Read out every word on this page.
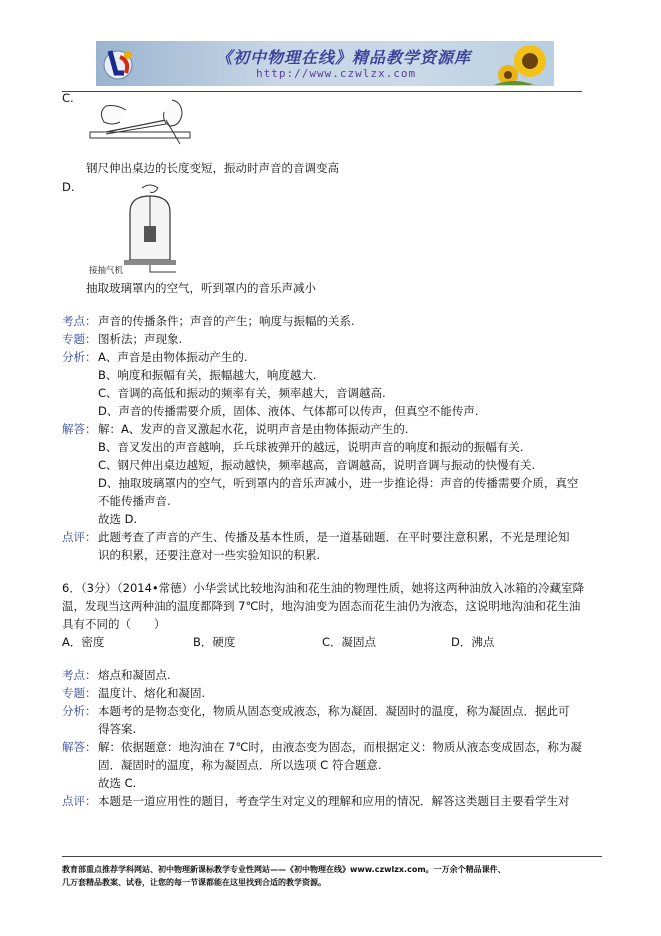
《初中物理在线》精品教学资源库
http://www.czwlzx.com
C.
钢尺伸出桌边的长度变短，振动时声音的音调变高
D.
接抽气机
抽取玻璃罩内的空气，听到罩内的音乐声减小
考点： 声音的传播条件；声音的产生；响度与振幅的关系.
专题： 图析法；声现象.
分析： A、声音是由物体振动产生的.
B、响度和振幅有关，振幅越大，响度越大.
C、音调的高低和振动的频率有关，频率越大，音调越高.
D、声音的传播需要介质，固体、液体、气体都可以传声，但真空不能传声.
解答： 解：A、发声的音叉激起水花，说明声音是由物体振动产生的.
B、音叉发出的声音越响，乒乓球被弹开的越远，说明声音的响度和振动的振幅有关.
C、钢尺伸出桌边越短，振动越快，频率越高，音调越高，说明音调与振动的快慢有关.
D、抽取玻璃罩内的空气，听到罩内的音乐声减小，进一步推论得：声音的传播需要介质，真空
不能传播声音.
故选 D.
点评： 此题考查了声音的产生、传播及基本性质，是一道基础题．在平时要注意积累，不光是理论知
识的积累，还要注意对一些实验知识的积累.
6．（3分）（2014•常德）小华尝试比较地沟油和花生油的物理性质，她将这两种油放入冰箱的冷藏室降
温，发现当这两种油的温度都降到 7℃时，地沟油变为固态而花生油仍为液态，这说明地沟油和花生油
具有不同的（　　）
A．密度	B．硬度	C．凝固点	D．沸点
考点： 熔点和凝固点.
专题： 温度计、熔化和凝固.
分析： 本题考的是物态变化，物质从固态变成液态，称为凝固．凝固时的温度，称为凝固点．据此可
得答案.
解答： 解：依据题意：地沟油在 7℃时，由液态变为固态，而根据定义：物质从液态变成固态，称为凝
固．凝固时的温度，称为凝固点．所以选项 C 符合题意.
故选 C.
点评： 本题是一道应用性的题目，考查学生对定义的理解和应用的情况．解答这类题目主要看学生对
教育部重点推荐学科网站、初中物理新课标教学专业性网站——《初中物理在线》www.czwlzx.com。一万余个精品课件、
几万套精品教案、试卷，让您的每一节课都能在这里找到合适的教学资源。
